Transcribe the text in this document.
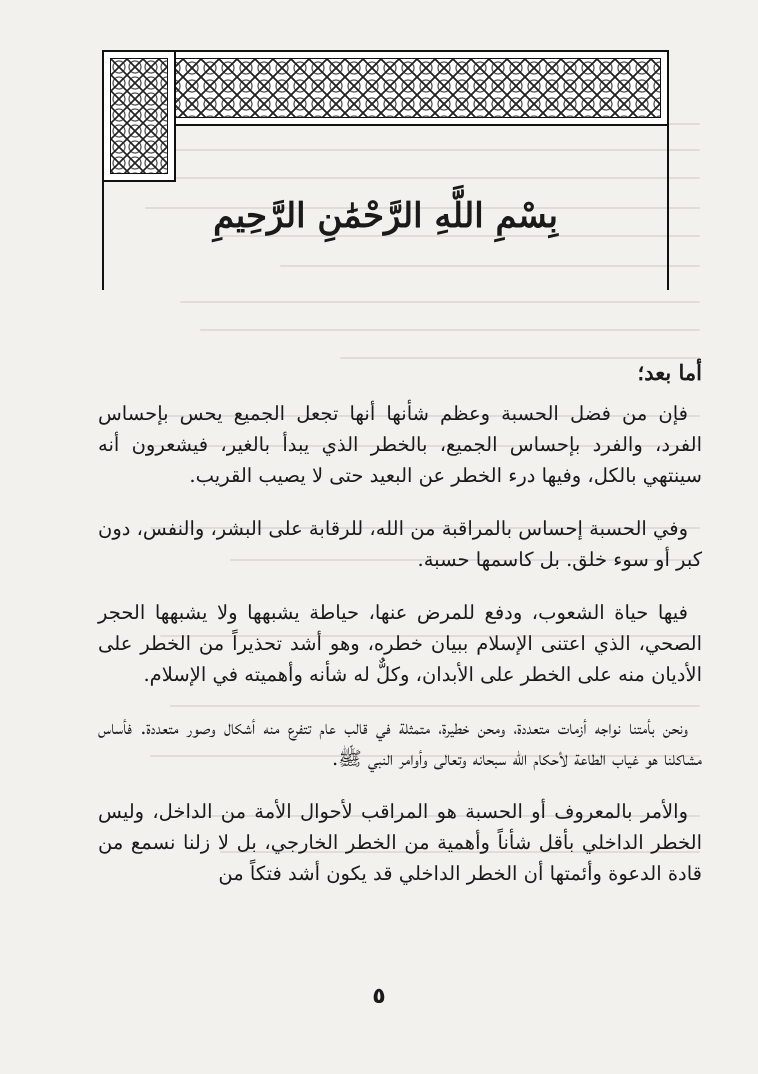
بِسْمِ اللَّهِ الرَّحْمَٰنِ الرَّحِيمِ
أما بعد؛

فإن من فضل الحسبة وعظم شأنها أنها تجعل الجميع يحس بإحساس الفرد، والفرد بإحساس الجميع، بالخطر الذي يبدأ بالغير، فيشعرون أنه سينتهي بالكل، وفيها درء الخطر عن البعيد حتى لا يصيب القريب.

وفي الحسبة إحساس بالمراقبة من الله، للرقابة على البشر، والنفس، دون كبر أو سوء خلق. بل كاسمها حسبة.

فيها حياة الشعوب، ودفع للمرض عنها، حياطة يشبهها ولا يشبهها الحجر الصحي، الذي اعتنى الإسلام ببيان خطره، وهو أشد تحذيراً من الخطر على الأديان منه على الخطر على الأبدان، وكلٌّ له شأنه وأهميته في الإسلام.

ونحن بأمتنا نواجه أزمات متعددة، ومحن خطيرة، متمثلة في قالب عام تتفرع منه أشكال وصور متعددة. فأساس مشاكلنا هو غياب الطاعة لأحكام الله سبحانه وتعالى وأوامر النبي ﷺ.

والأمر بالمعروف أو الحسبة هو المراقب لأحوال الأمة من الداخل، وليس الخطر الداخلي بأقل شأناً وأهمية من الخطر الخارجي، بل لا زلنا نسمع من قادة الدعوة وأئمتها أن الخطر الداخلي قد يكون أشد فتكاً من

٥
